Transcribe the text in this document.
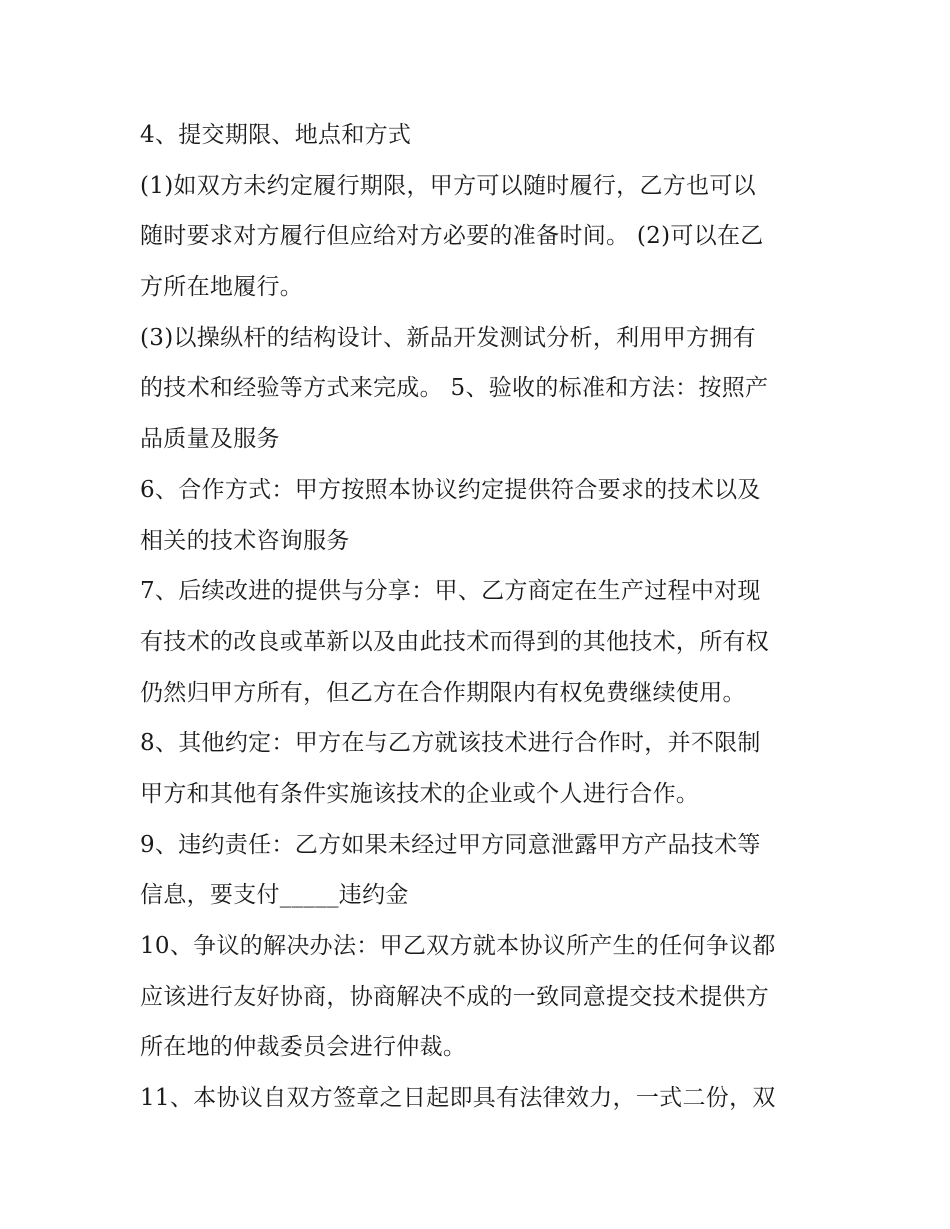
4、提交期限、地点和方式
(1)如双方未约定履行期限，甲方可以随时履行，乙方也可以
随时要求对方履行但应给对方必要的准备时间。 (2)可以在乙
方所在地履行。
(3)以操纵杆的结构设计、新品开发测试分析，利用甲方拥有
的技术和经验等方式来完成。 5、验收的标准和方法：按照产
品质量及服务
6、合作方式：甲方按照本协议约定提供符合要求的技术以及
相关的技术咨询服务
7、后续改进的提供与分享：甲、乙方商定在生产过程中对现
有技术的改良或革新以及由此技术而得到的其他技术，所有权
仍然归甲方所有，但乙方在合作期限内有权免费继续使用。
8、其他约定：甲方在与乙方就该技术进行合作时，并不限制
甲方和其他有条件实施该技术的企业或个人进行合作。
9、违约责任：乙方如果未经过甲方同意泄露甲方产品技术等
信息，要支付_____违约金
10、争议的解决办法：甲乙双方就本协议所产生的任何争议都
应该进行友好协商，协商解决不成的一致同意提交技术提供方
所在地的仲裁委员会进行仲裁。
11、本协议自双方签章之日起即具有法律效力，一式二份，双
